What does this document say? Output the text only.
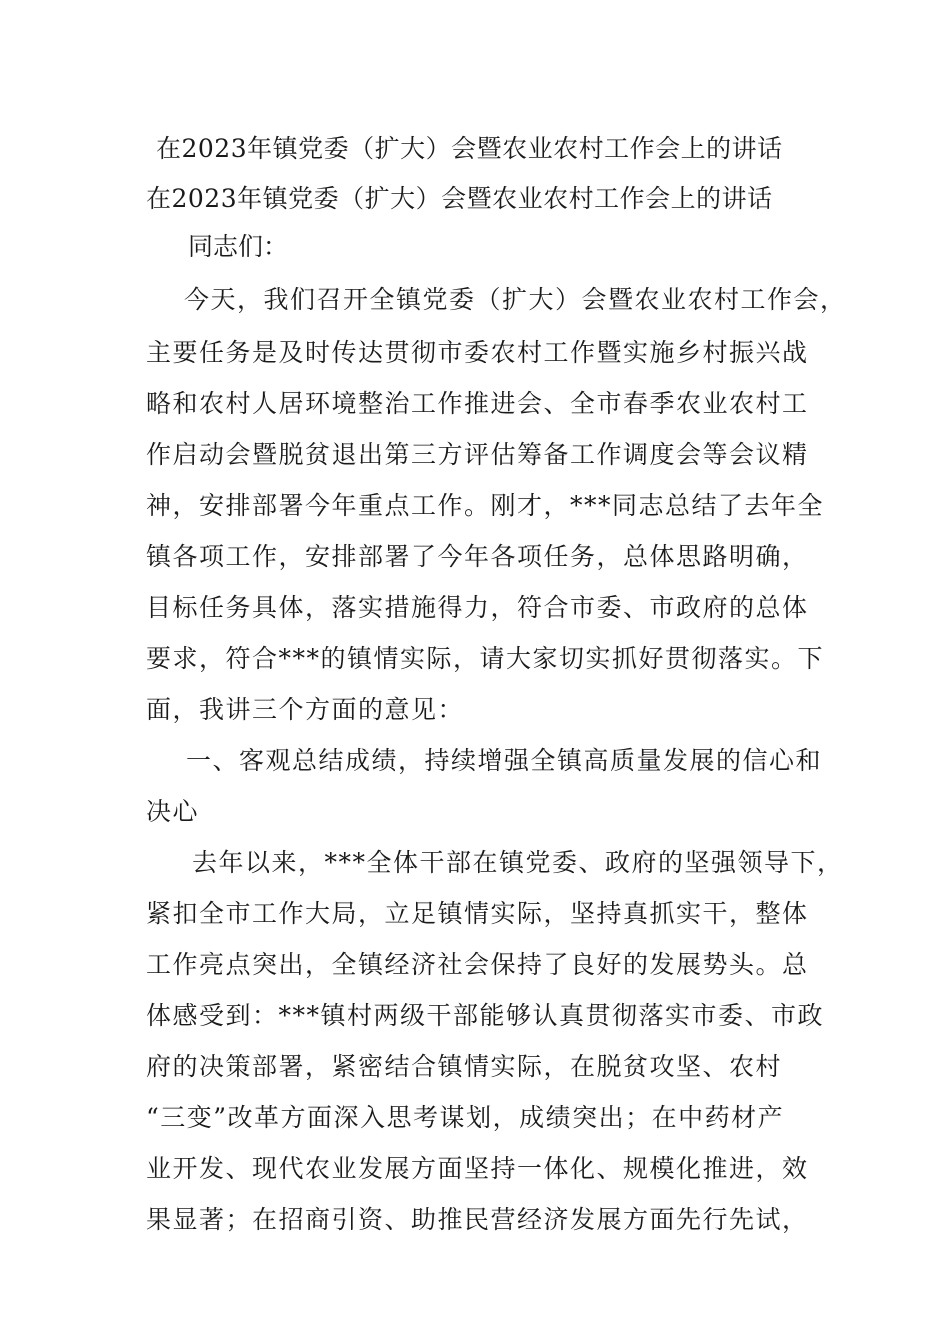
在2023年镇党委（扩大）会暨农业农村工作会上的讲话
在2023年镇党委（扩大）会暨农业农村工作会上的讲话
同志们：
今天，我们召开全镇党委（扩大）会暨农业农村工作会，
主要任务是及时传达贯彻市委农村工作暨实施乡村振兴战
略和农村人居环境整治工作推进会、全市春季农业农村工
作启动会暨脱贫退出第三方评估筹备工作调度会等会议精
神，安排部署今年重点工作。刚才，***同志总结了去年全
镇各项工作，安排部署了今年各项任务，总体思路明确，
目标任务具体，落实措施得力，符合市委、市政府的总体
要求，符合***的镇情实际，请大家切实抓好贯彻落实。下
面，我讲三个方面的意见：
一、客观总结成绩，持续增强全镇高质量发展的信心和
决心
去年以来，***全体干部在镇党委、政府的坚强领导下，
紧扣全市工作大局，立足镇情实际，坚持真抓实干，整体
工作亮点突出，全镇经济社会保持了良好的发展势头。总
体感受到：***镇村两级干部能够认真贯彻落实市委、市政
府的决策部署，紧密结合镇情实际，在脱贫攻坚、农村
“三变”改革方面深入思考谋划，成绩突出；在中药材产
业开发、现代农业发展方面坚持一体化、规模化推进，效
果显著；在招商引资、助推民营经济发展方面先行先试，
